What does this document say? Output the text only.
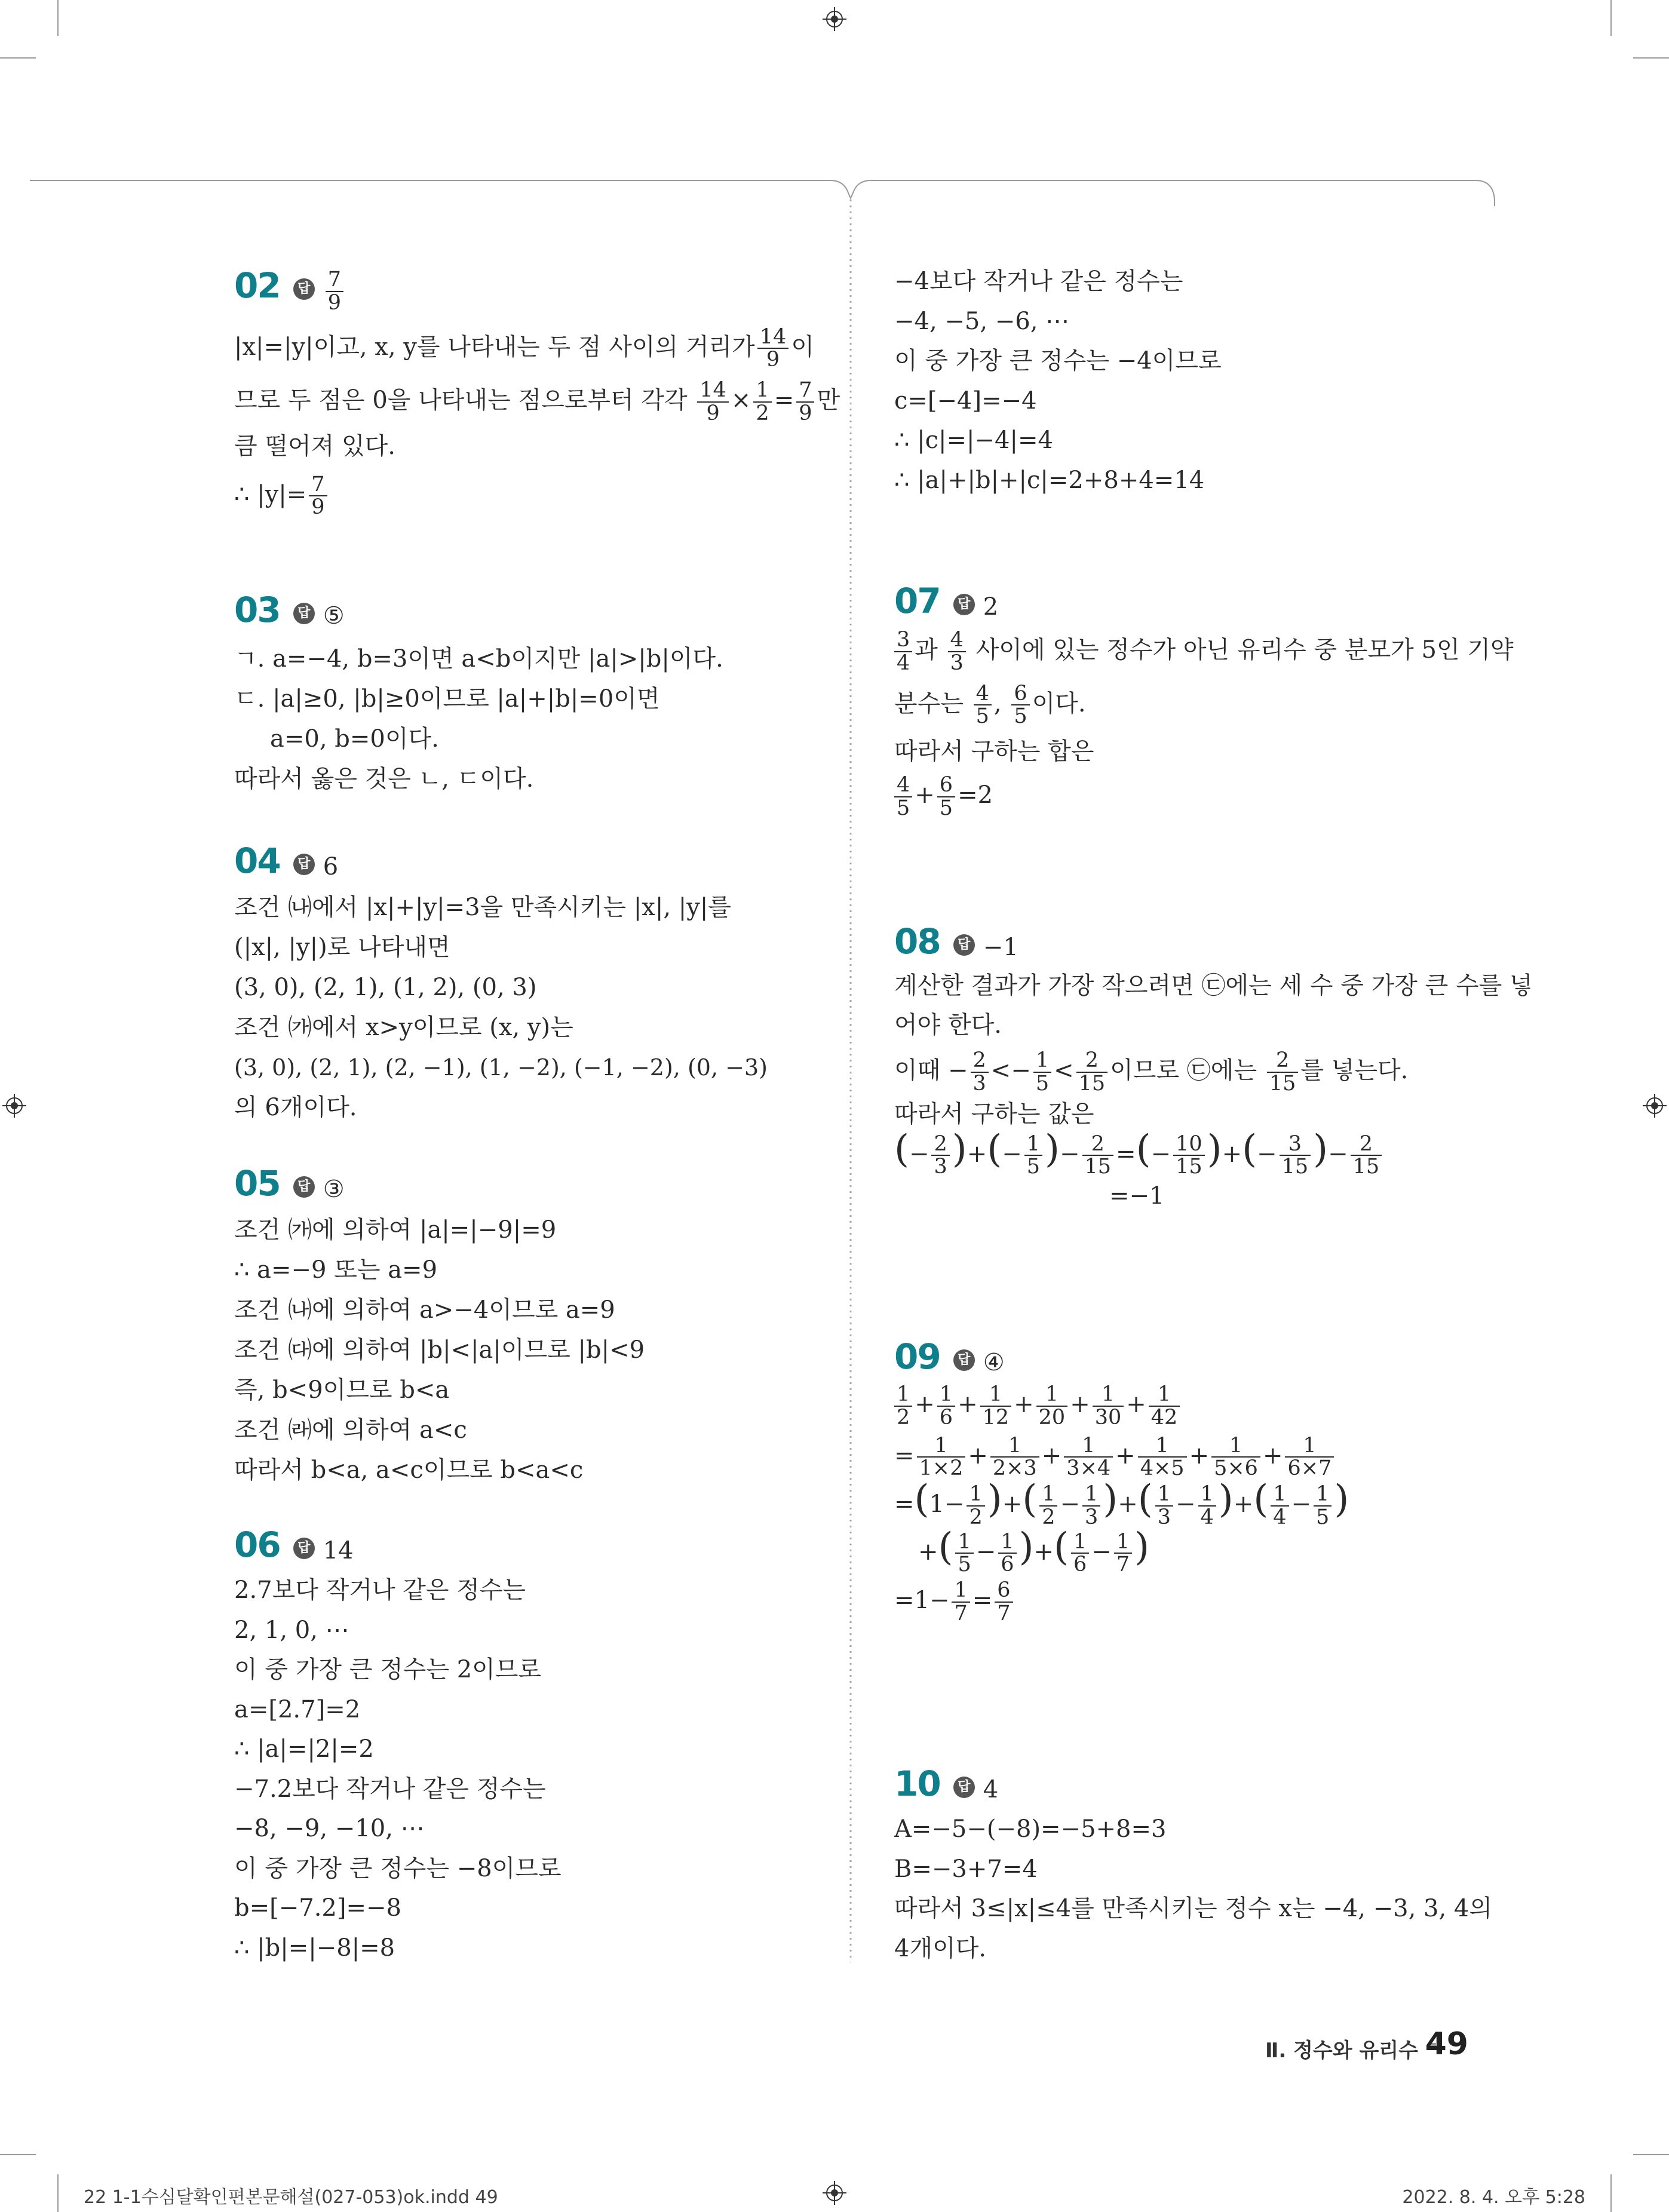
02 답 $\frac{7}{9}$
|x|=|y|이고, x, y를 나타내는 두 점 사이의 거리가 $\frac{14}{9}$ 이
므로 두 점은 0을 나타내는 점으로부터 각각 $\frac{14}{9} \times \frac{1}{2} = \frac{7}{9}$ 만
큼 떨어져 있다.
∴ $|y|= \frac{7}{9}$
03 답 ⑤
ㄱ. a=−4, b=3이면 a<b이지만 |a|>|b|이다.
ㄷ. |a|≥0, |b|≥0이므로 |a|+|b|=0이면
a=0, b=0이다.
따라서 옳은 것은 ㄴ, ㄷ이다.
04 답 6
조건 ㈏에서 |x|+|y|=3을 만족시키는 |x|, |y|를
(|x|, |y|)로 나타내면
(3, 0), (2, 1), (1, 2), (0, 3)
조건 ㈎에서 x>y이므로 (x, y)는
(3, 0), (2, 1), (2, −1), (1, −2), (−1, −2), (0, −3)
의 6개이다.
05 답 ③
조건 ㈎에 의하여 |a|=|−9|=9
∴ a=−9 또는 a=9
조건 ㈏에 의하여 a>−4이므로 a=9
조건 ㈐에 의하여 |b|<|a|이므로 |b|<9
즉, b<9이므로 b<a
조건 ㈑에 의하여 a<c
따라서 b<a, a<c이므로 b<a<c
06 답 14
2.7보다 작거나 같은 정수는
2, 1, 0, ⋯
이 중 가장 큰 정수는 2이므로
a=[2.7]=2
∴ |a|=|2|=2
−7.2보다 작거나 같은 정수는
−8, −9, −10, ⋯
이 중 가장 큰 정수는 −8이므로
b=[−7.2]=−8
∴ |b|=|−8|=8
−4보다 작거나 같은 정수는
−4, −5, −6, ⋯
이 중 가장 큰 정수는 −4이므로
c=[−4]=−4
∴ |c|=|−4|=4
∴ |a|+|b|+|c|=2+8+4=14
07 답 2
$\frac{3}{4}$ 과 $\frac{4}{3}$ 사이에 있는 정수가 아닌 유리수 중 분모가 5인 기약
분수는 $\frac{4}{5}$ , $\frac{6}{5}$ 이다.
따라서 구하는 합은
$\frac{4}{5} + \frac{6}{5} =2$
08 답 −1
계산한 결과가 가장 작으려면 ㉢에는 세 수 중 가장 큰 수를 넣
어야 한다.
이때 − $\frac{2}{3} <- \frac{1}{5} < \frac{2}{15}$ 이므로 ㉢에는 $\frac{2}{15}$ 를 넣는다.
따라서 구하는 값은
(− $\frac{2}{3}$ )+(− $\frac{1}{5}$ )− $\frac{2}{15}$ =(− $\frac{10}{15}$ )+(− $\frac{3}{15}$ )− $\frac{2}{15}$
=−1
09 답 ④
$\frac{1}{2} + \frac{1}{6} + \frac{1}{12} + \frac{1}{20} + \frac{1}{30} + \frac{1}{42}$
= $\frac{1}{1\times 2} + \frac{1}{2\times 3} + \frac{1}{3\times 4} + \frac{1}{4\times 5} + \frac{1}{5\times 6} + \frac{1}{6\times 7}$
$=(1- \frac{1}{2}$ )+( $\frac{1}{2} - \frac{1}{3}$ )+( $\frac{1}{3} - \frac{1}{4}$ )+( $\frac{1}{4} - \frac{1}{5}$ )
+( $\frac{1}{5} - \frac{1}{6}$ )+( $\frac{1}{6} - \frac{1}{7}$ )
$=1- \frac{1}{7} = \frac{6}{7}$
10 답 4
A=−5−(−8)=−5+8=3
B=−3+7=4
따라서 3≤|x|≤4를 만족시키는 정수 x는 −4, −3, 3, 4의
4개이다.
Ⅱ. 정수와 유리수 49
22 1-1수심달확인편본문해설(027-053)ok.indd 49	2022. 8. 4. 오후 5:28
